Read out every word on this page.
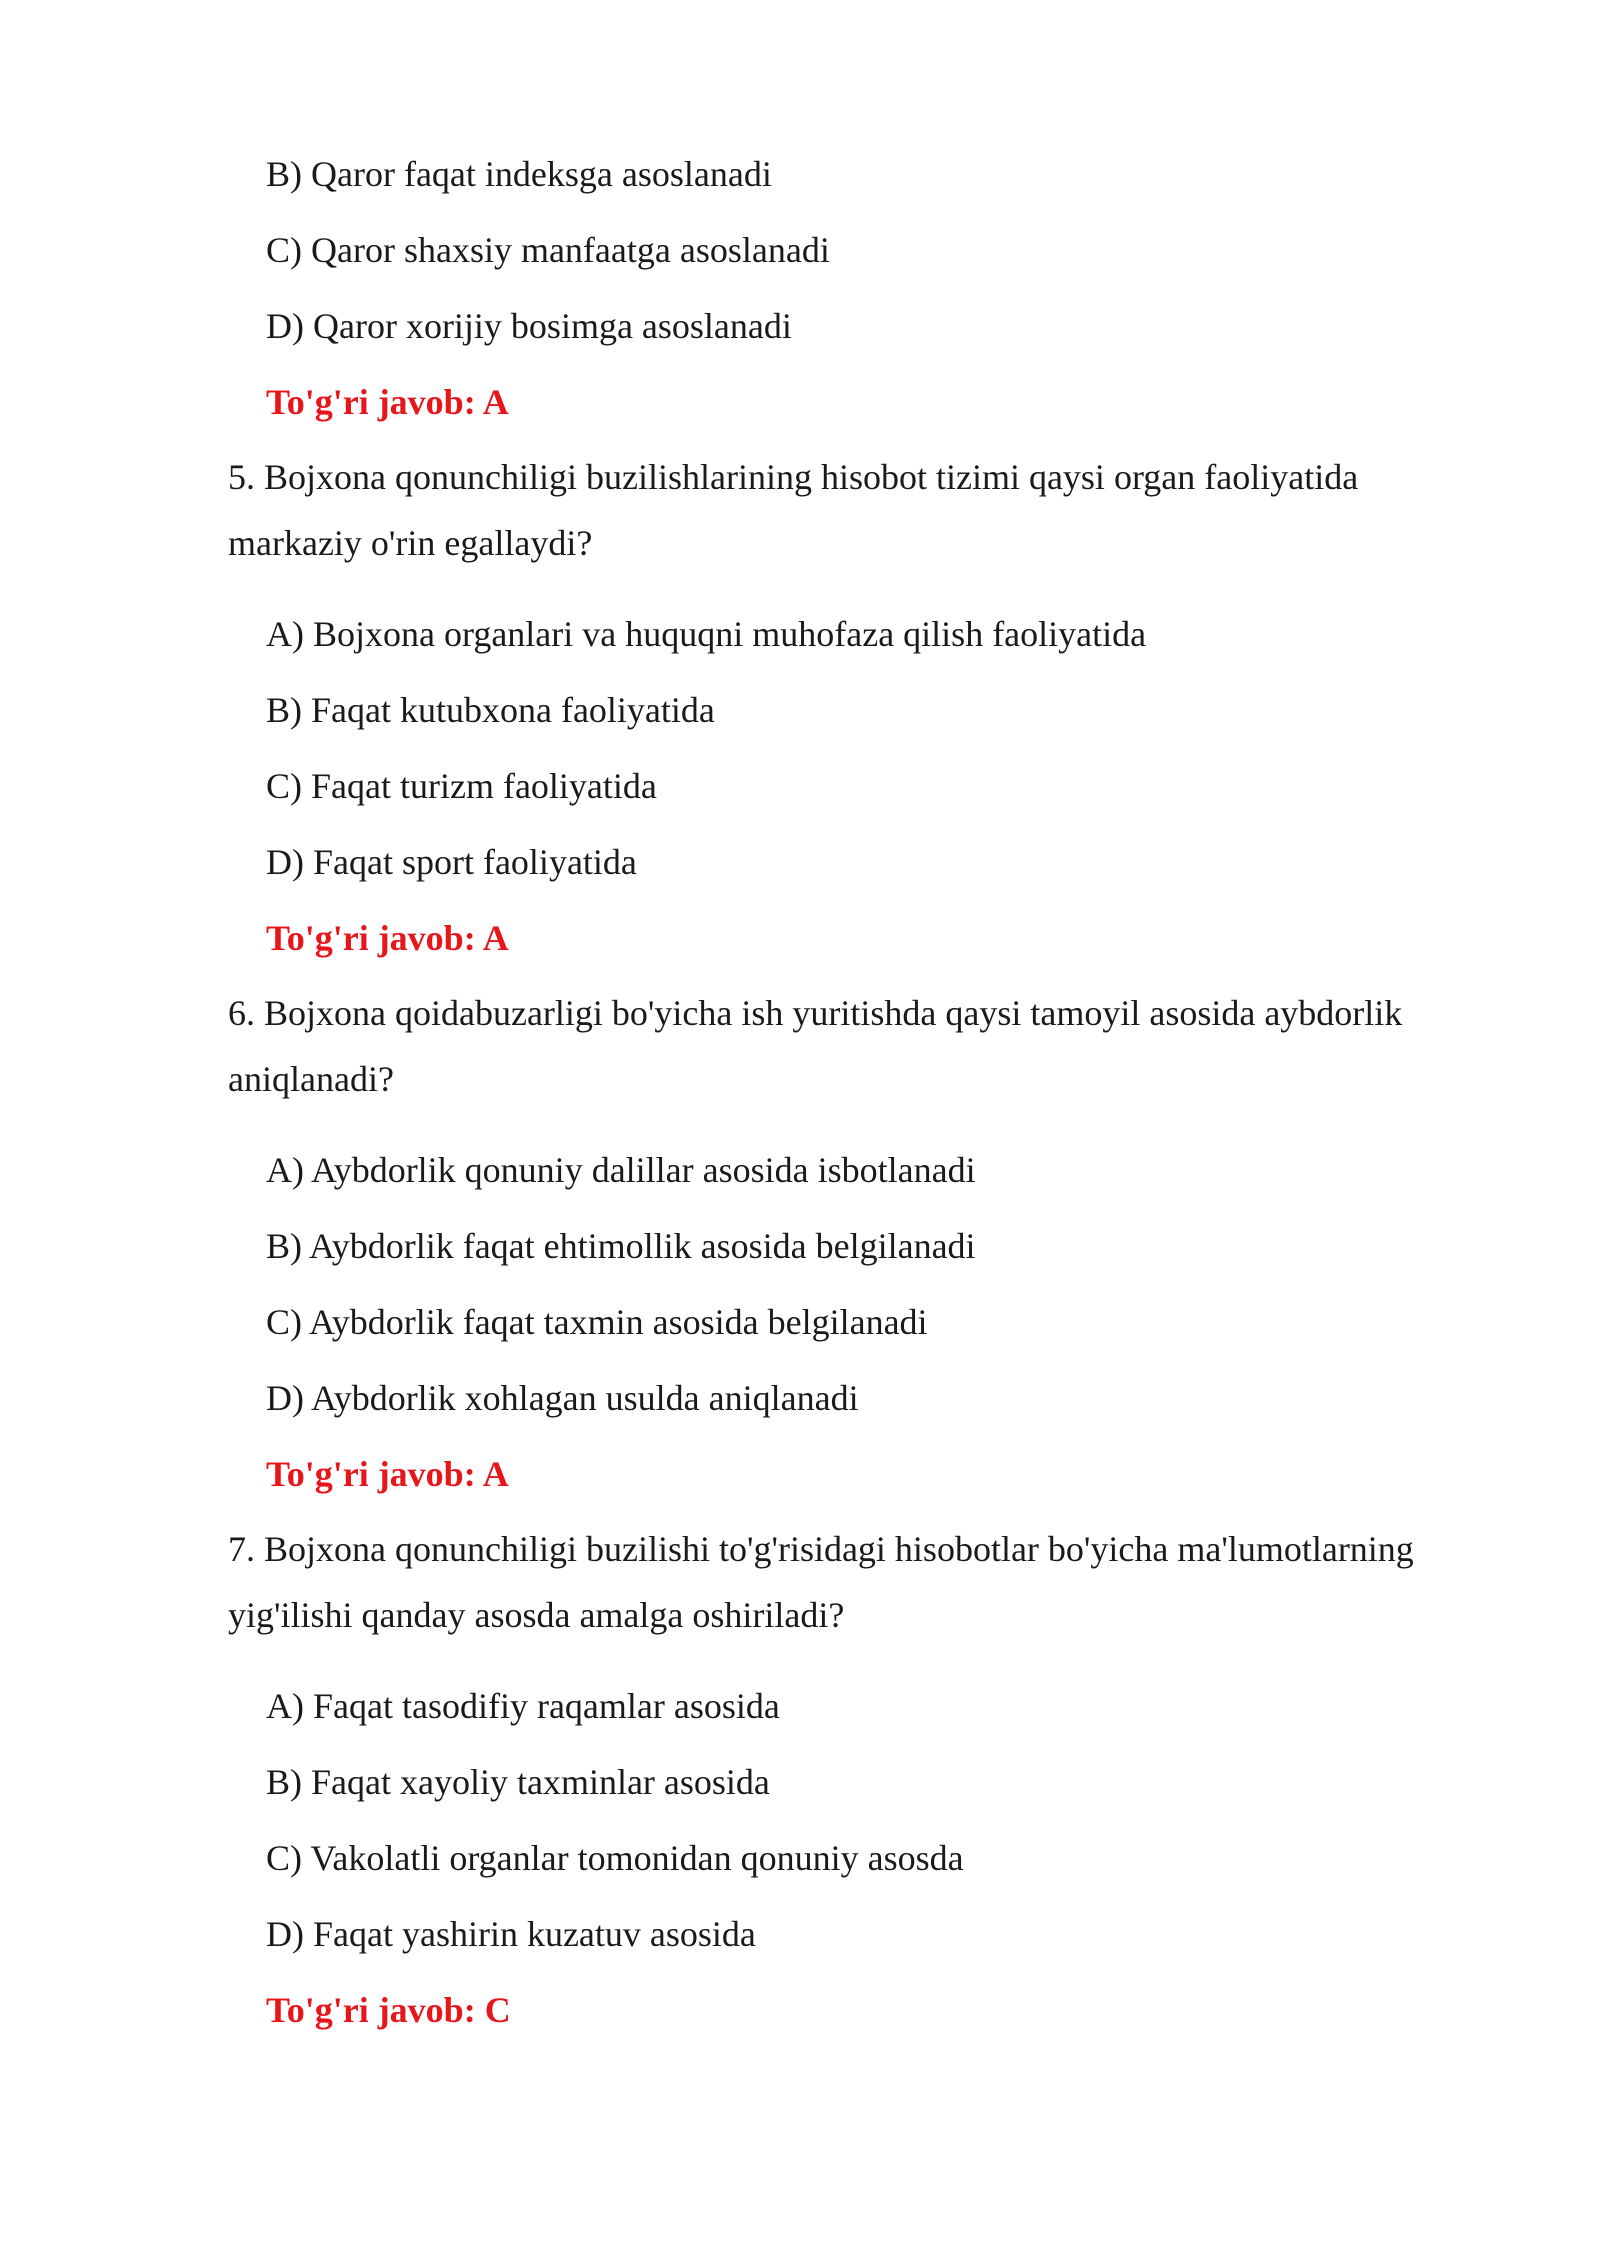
B) Qaror faqat indeksga asoslanadi
C) Qaror shaxsiy manfaatga asoslanadi
D) Qaror xorijiy bosimga asoslanadi
To'g'ri javob: A
5. Bojxona qonunchiligi buzilishlarining hisobot tizimi qaysi organ faoliyatida markaziy o'rin egallaydi?
A) Bojxona organlari va huquqni muhofaza qilish faoliyatida
B) Faqat kutubxona faoliyatida
C) Faqat turizm faoliyatida
D) Faqat sport faoliyatida
To'g'ri javob: A
6. Bojxona qoidabuzarligi bo'yicha ish yuritishda qaysi tamoyil asosida aybdorlik aniqlanadi?
A) Aybdorlik qonuniy dalillar asosida isbotlanadi
B) Aybdorlik faqat ehtimollik asosida belgilanadi
C) Aybdorlik faqat taxmin asosida belgilanadi
D) Aybdorlik xohlagan usulda aniqlanadi
To'g'ri javob: A
7. Bojxona qonunchiligi buzilishi to'g'risidagi hisobotlar bo'yicha ma'lumotlarning yig'ilishi qanday asosda amalga oshiriladi?
A) Faqat tasodifiy raqamlar asosida
B) Faqat xayoliy taxminlar asosida
C) Vakolatli organlar tomonidan qonuniy asosda
D) Faqat yashirin kuzatuv asosida
To'g'ri javob: C
